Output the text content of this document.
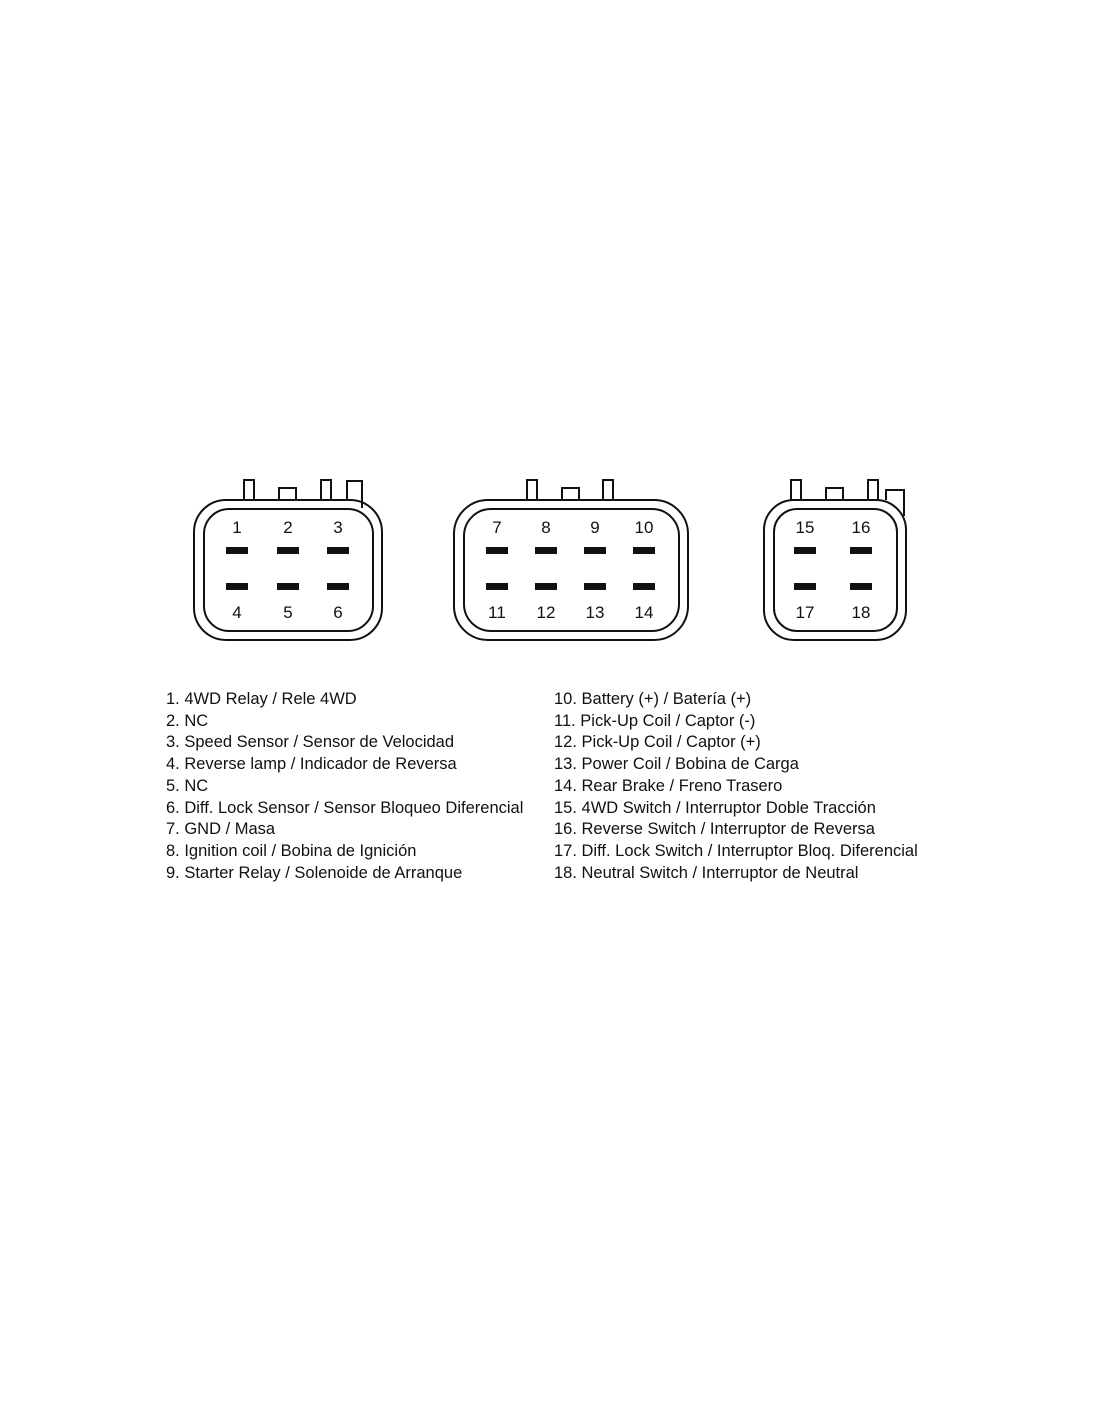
1 2 3
4 5 6
7 8 9 10
11 12 13 14
15 16
17 18
1. 4WD Relay / Rele 4WD
2. NC
3. Speed Sensor / Sensor de Velocidad
4. Reverse lamp / Indicador de Reversa
5. NC
6. Diff. Lock Sensor / Sensor Bloqueo Diferencial
7. GND / Masa
8. Ignition coil / Bobina de Ignición
9. Starter Relay / Solenoide de Arranque
10. Battery (+) / Batería (+)
11. Pick-Up Coil / Captor (-)
12. Pick-Up Coil / Captor (+)
13. Power Coil / Bobina de Carga
14. Rear Brake / Freno Trasero
15. 4WD Switch / Interruptor Doble Tracción
16. Reverse Switch / Interruptor de Reversa
17. Diff. Lock Switch / Interruptor Bloq. Diferencial
18. Neutral Switch / Interruptor de Neutral
